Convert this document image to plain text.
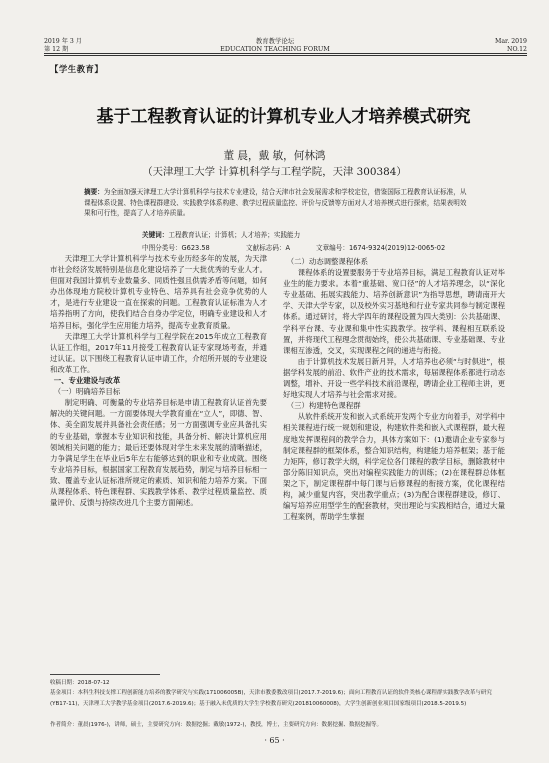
2019 年 3 月
第 12 期
教育教学论坛
EDUCATION TEACHING FORUM
Mar. 2019
NO.12
【学生教育】
基于工程教育认证的计算机专业人才培养模式研究
董 晨，戴 敏，何林鸿
（天津理工大学 计算机科学与工程学院，天津 300384）
摘要：为全面加强天津理工大学计算机科学与技术专业建设，结合天津市社会发展需求和学校定位，借鉴国际工程教育认证标准，从课程体系设置、特色课程群建设、实践教学体系构建、教学过程质量监控、评价与反馈等方面对人才培养模式进行探索，结果表明效果和可行性，提高了人才培养质量。
关键词：工程教育认证；计算机；人才培养；实践能力
中图分类号：G623.58	文献标志码：A	文章编号：1674-9324(2019)12-0065-02

天津理工大学计算机科学与技术专业历经多年的发展，为天津市社会经济发展特别是信息化建设培养了一大批优秀的专业人才。但面对我国计算机专业数量多、同质性强且供需矛盾等问题，如何办出体现地方院校计算机专业特色、培养具有社会竞争优势的人才，是进行专业建设一直在探索的问题。工程教育认证标准为人才培养指明了方向，使我们结合自身办学定位，明确专业建设和人才培养目标，强化学生应用能力培养，提高专业教育质量。

天津理工大学计算机科学与工程学院在2015年成立工程教育认证工作组，2017年11月接受工程教育认证专家现场考查，并通过认证。以下围绕工程教育认证申请工作，介绍所开展的专业建设和改革工作。

一、专业建设与改革

（一）明确培养目标

制定明确、可衡量的专业培养目标是申请工程教育认证首先要解决的关键问题。一方面要体现大学教育重在“立人”，即德、智、体、美全面发展并具备社会责任感；另一方面强调专业应具备扎实的专业基础，掌握本专业知识和技能，具备分析、解决计算机应用领域相关问题的能力；最后还要体现对学生未来发展的清晰描述，力争满足学生在毕业后5年左右能够达到的职业和专业成就。围绕专业培养目标，根据国家工程教育发展趋势，制定与培养目标相一致、覆盖专业认证标准所规定的素质、知识和能力培养方案。下面从课程体系、特色课程群、实践教学体系、教学过程质量监控、质量评价、反馈与持续改进几个主要方面阐述。

（二）动态调整课程体系

课程体系的设置要服务于专业培养目标，满足工程教育认证对毕业生的能力要求。本着“重基础、宽口径”的人才培养理念，以“深化专业基础、拓展实践能力、培养创新意识”为指导思想，聘请南开大学、天津大学专家，以及校外实习基地和行业专家共同参与制定课程体系。通过研讨，将大学四年的课程设置为四大类别：公共基础课、学科平台课、专业课和集中性实践教学。按学科、课程相互联系设置，并将现代工程理念贯彻始终，使公共基础课、专业基础课、专业课相互渗透，交叉，实现课程之间的递进与衔接。

由于计算机技术发展日新月异，人才培养也必须“与时俱进”，根据学科发展的前沿、软件产业的技术需求，每届课程体系都进行动态调整，增补、开设一些学科技术前沿课程，聘请企业工程师主讲，更好地实现人才培养与社会需求对接。

（三）构建特色课程群

从软件系统开发和嵌入式系统开发两个专业方向着手，对学科中相关课程进行统一规划和建设，构建软件类和嵌入式课程群，最大程度地发挥课程间的教学合力，具体方案如下：(1)邀请企业专家参与制定课程群的框架体系，整合知识结构，构建能力培养框架；基于能力矩阵，修订教学大纲，科学定位各门课程的教学目标，删除教材中部分陈旧知识点，突出对编程实践能力的训练；(2)在课程群总体框架之下，制定课程群中每门课与后修课程的衔接方案，优化课程结构，减少重复内容，突出教学重点；(3)为配合课程群建设，修订、编写培养应用型学生的配套教材，突出理论与实践相结合，通过大量工程案例，帮助学生掌握

收稿日期：2018-07-12
基金项目：本科生科技支撑工程创新能力培养的教学研究与实践(171006005B)，天津市教委教改项目(2017.7-2019.6)；面向工程教育认证的软件类核心课程群实践教学改革与研究(YB17-11)，天津理工大学教学基金项目(2017.6-2019.6)；基于融入未优质的大学生学校教育研究(201810060008)，大学生创新创业项目国家级项目(2018.5-2019.5)
作者简介：董晨(1976-)，讲师，硕士，主要研究方向：数据挖掘；戴敏(1972-)，教授，博士，主要研究方向：数据挖掘、数据挖掘等。
· 65 ·
